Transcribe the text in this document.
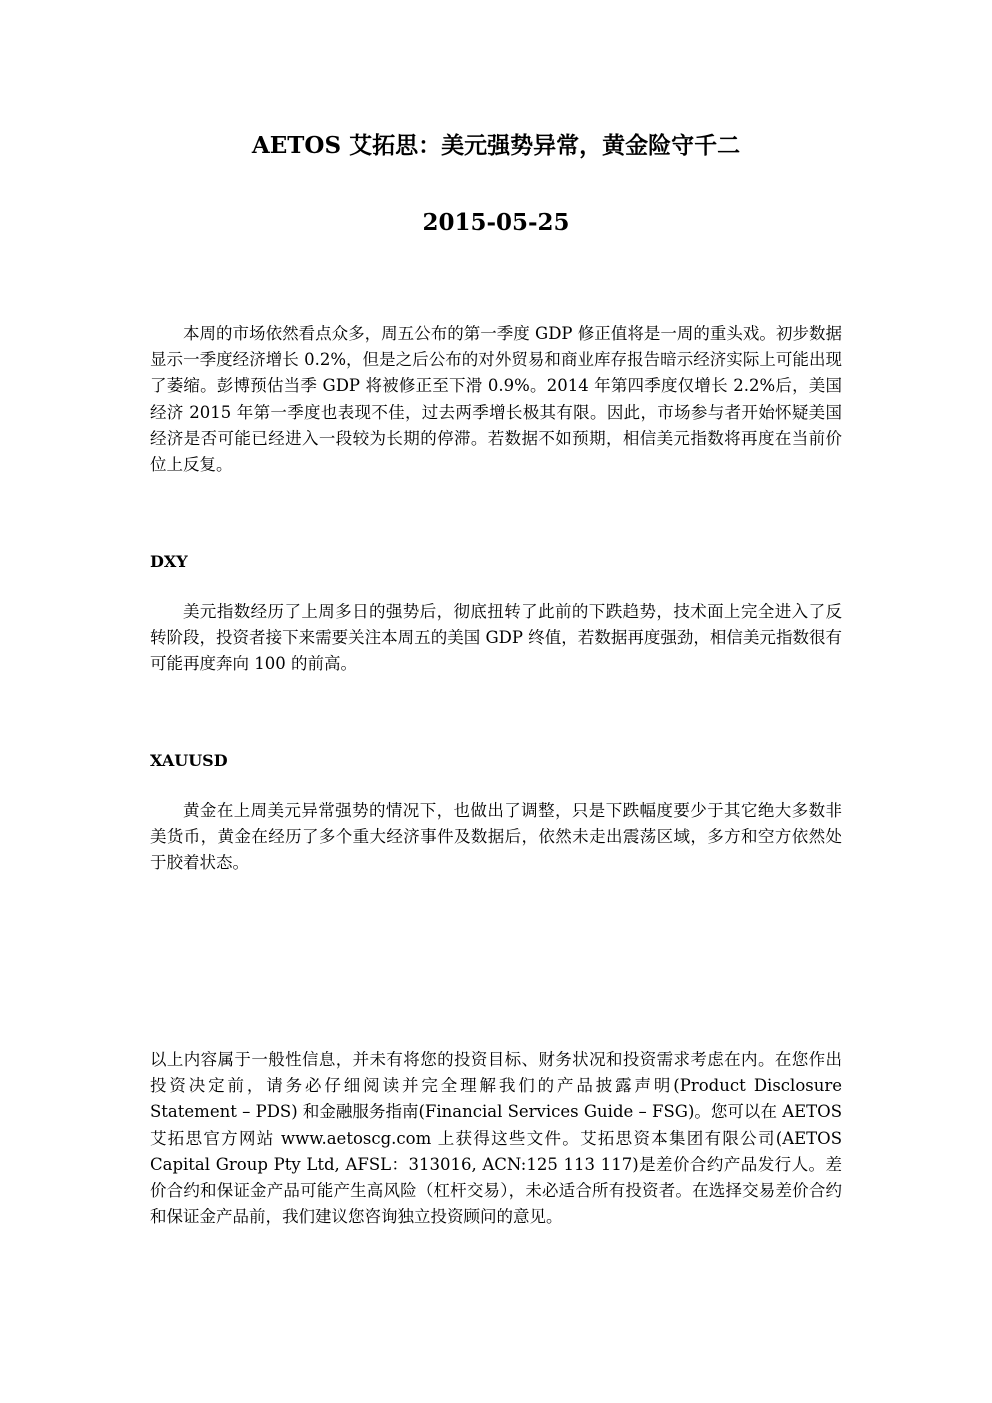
AETOS 艾拓思：美元强势异常，黄金险守千二
2015-05-25

本周的市场依然看点众多，周五公布的第一季度 GDP 修正值将是一周的重头戏。初步数据显示一季度经济增长 0.2%，但是之后公布的对外贸易和商业库存报告暗示经济实际上可能出现了萎缩。彭博预估当季 GDP 将被修正至下滑 0.9%。2014 年第四季度仅增长 2.2%后，美国经济 2015 年第一季度也表现不佳，过去两季增长极其有限。因此，市场参与者开始怀疑美国经济是否可能已经进入一段较为长期的停滞。若数据不如预期，相信美元指数将再度在当前价位上反复。

DXY

美元指数经历了上周多日的强势后，彻底扭转了此前的下跌趋势，技术面上完全进入了反转阶段，投资者接下来需要关注本周五的美国 GDP 终值，若数据再度强劲，相信美元指数很有可能再度奔向 100 的前高。

XAUUSD

黄金在上周美元异常强势的情况下，也做出了调整，只是下跌幅度要少于其它绝大多数非美货币，黄金在经历了多个重大经济事件及数据后，依然未走出震荡区域，多方和空方依然处于胶着状态。

以上内容属于一般性信息，并未有将您的投资目标、财务状况和投资需求考虑在内。在您作出投资决定前，请务必仔细阅读并完全理解我们的产品披露声明(Product Disclosure Statement – PDS) 和金融服务指南(Financial Services Guide – FSG)。您可以在 AETOS 艾拓思官方网站 www.aetoscg.com 上获得这些文件。艾拓思资本集团有限公司(AETOS Capital Group Pty Ltd, AFSL：313016, ACN:125 113 117)是差价合约产品发行人。差价合约和保证金产品可能产生高风险（杠杆交易），未必适合所有投资者。在选择交易差价合约和保证金产品前，我们建议您咨询独立投资顾问的意见。
